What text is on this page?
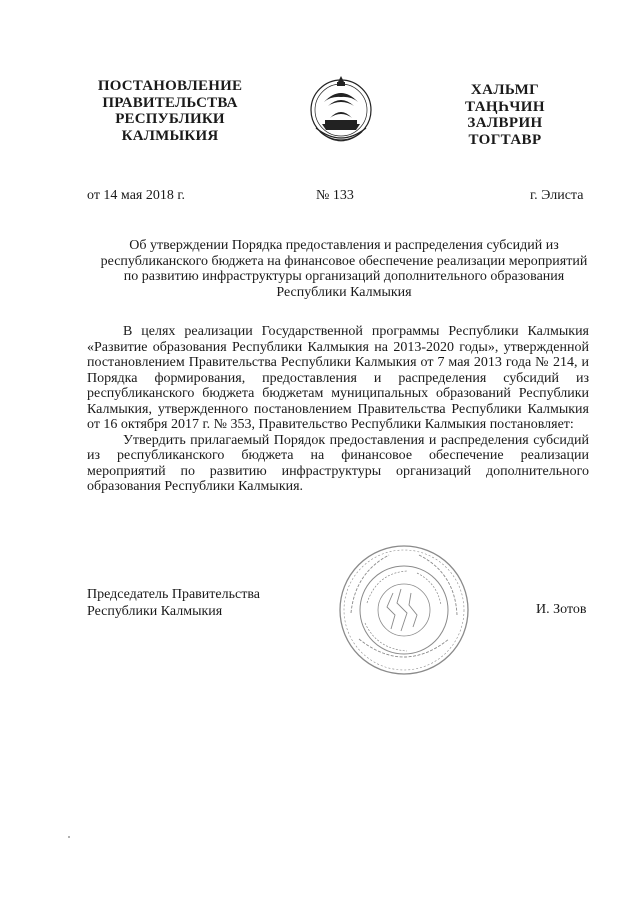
ПОСТАНОВЛЕНИЕ
ПРАВИТЕЛЬСТВА
РЕСПУБЛИКИ
КАЛМЫКИЯ
ХАЛЬМГ
ТАҢҺЧИН
ЗАЛВРИН
ТОГТАВР
от 14 мая 2018 г.	№ 133	г. Элиста
Об утверждении Порядка предоставления и распределения субсидий из республиканского бюджета на финансовое обеспечение реализации мероприятий по развитию инфраструктуры организаций дополнительного образования Республики Калмыкия

В целях реализации Государственной программы Республики Калмыкия «Развитие образования Республики Калмыкия на 2013-2020 годы», утвержденной постановлением Правительства Республики Калмыкия от 7 мая 2013 года № 214, и Порядка формирования, предоставления и распределения субсидий из республиканского бюджета бюджетам муниципальных образований Республики Калмыкия, утвержденного постановлением Правительства Республики Калмыкия от 16 октября 2017 г. № 353, Правительство Республики Калмыкия постановляет:

Утвердить прилагаемый Порядок предоставления и распределения субсидий из республиканского бюджета на финансовое обеспечение реализации мероприятий по развитию инфраструктуры организаций дополнительного образования Республики Калмыкия.

Председатель Правительства
Республики Калмыкия	И. Зотов
